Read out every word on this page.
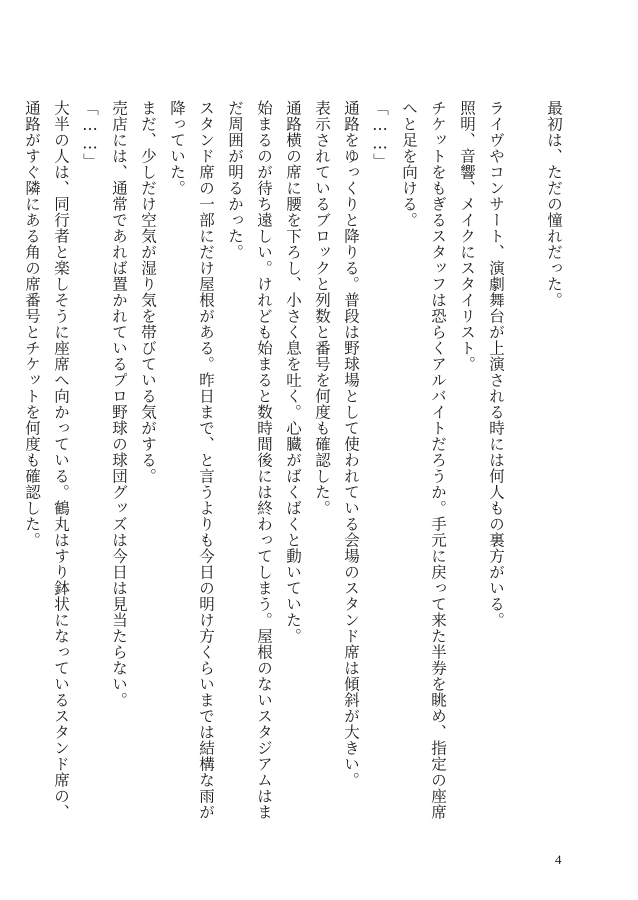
最初は、ただの憧れだった。

ライヴやコンサート、演劇舞台が上演される時には何人もの裏方がいる。

照明、音響、メイクにスタイリスト。

チケットをもぎるスタッフは恐らくアルバイトだろうか。手元に戻って来た半券を眺め、指定の座席

へと足を向ける。

「……」

通路をゆっくりと降りる。普段は野球場として使われている会場のスタンド席は傾斜が大きい。

表示されているブロックと列数と番号を何度も確認した。

通路横の席に腰を下ろし、小さく息を吐く。心臓がばくばくと動いていた。

始まるのが待ち遠しい。けれども始まると数時間後には終わってしまう。屋根のないスタジアムはま

だ周囲が明るかった。

スタンド席の一部にだけ屋根がある。昨日まで、と言うよりも今日の明け方くらいまでは結構な雨が

降っていた。

まだ、少しだけ空気が湿り気を帯びている気がする。

売店には、通常であれば置かれているプロ野球の球団グッズは今日は見当たらない。

「……」

大半の人は、同行者と楽しそうに座席へ向かっている。鶴丸はすり鉢状になっているスタンド席の、

通路がすぐ隣にある角の席番号とチケットを何度も確認した。

4
